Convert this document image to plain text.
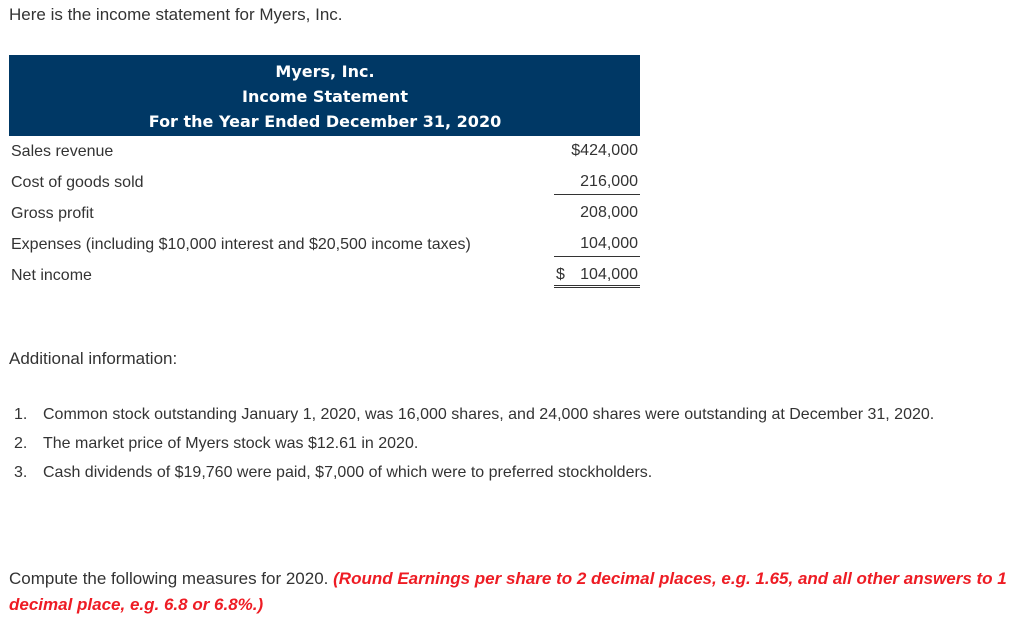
Here is the income statement for Myers, Inc.
Myers, Inc.
Income Statement
For the Year Ended December 31, 2020
Sales revenue	$424,000
Cost of goods sold	216,000
Gross profit	208,000
Expenses (including $10,000 interest and $20,500 income taxes)	104,000
Net income	$ 104,000
Additional information:
1. Common stock outstanding January 1, 2020, was 16,000 shares, and 24,000 shares were outstanding at December 31, 2020.
2. The market price of Myers stock was $12.61 in 2020.
3. Cash dividends of $19,760 were paid, $7,000 of which were to preferred stockholders.
Compute the following measures for 2020. (Round Earnings per share to 2 decimal places, e.g. 1.65, and all other answers to 1 decimal place, e.g. 6.8 or 6.8%.)
